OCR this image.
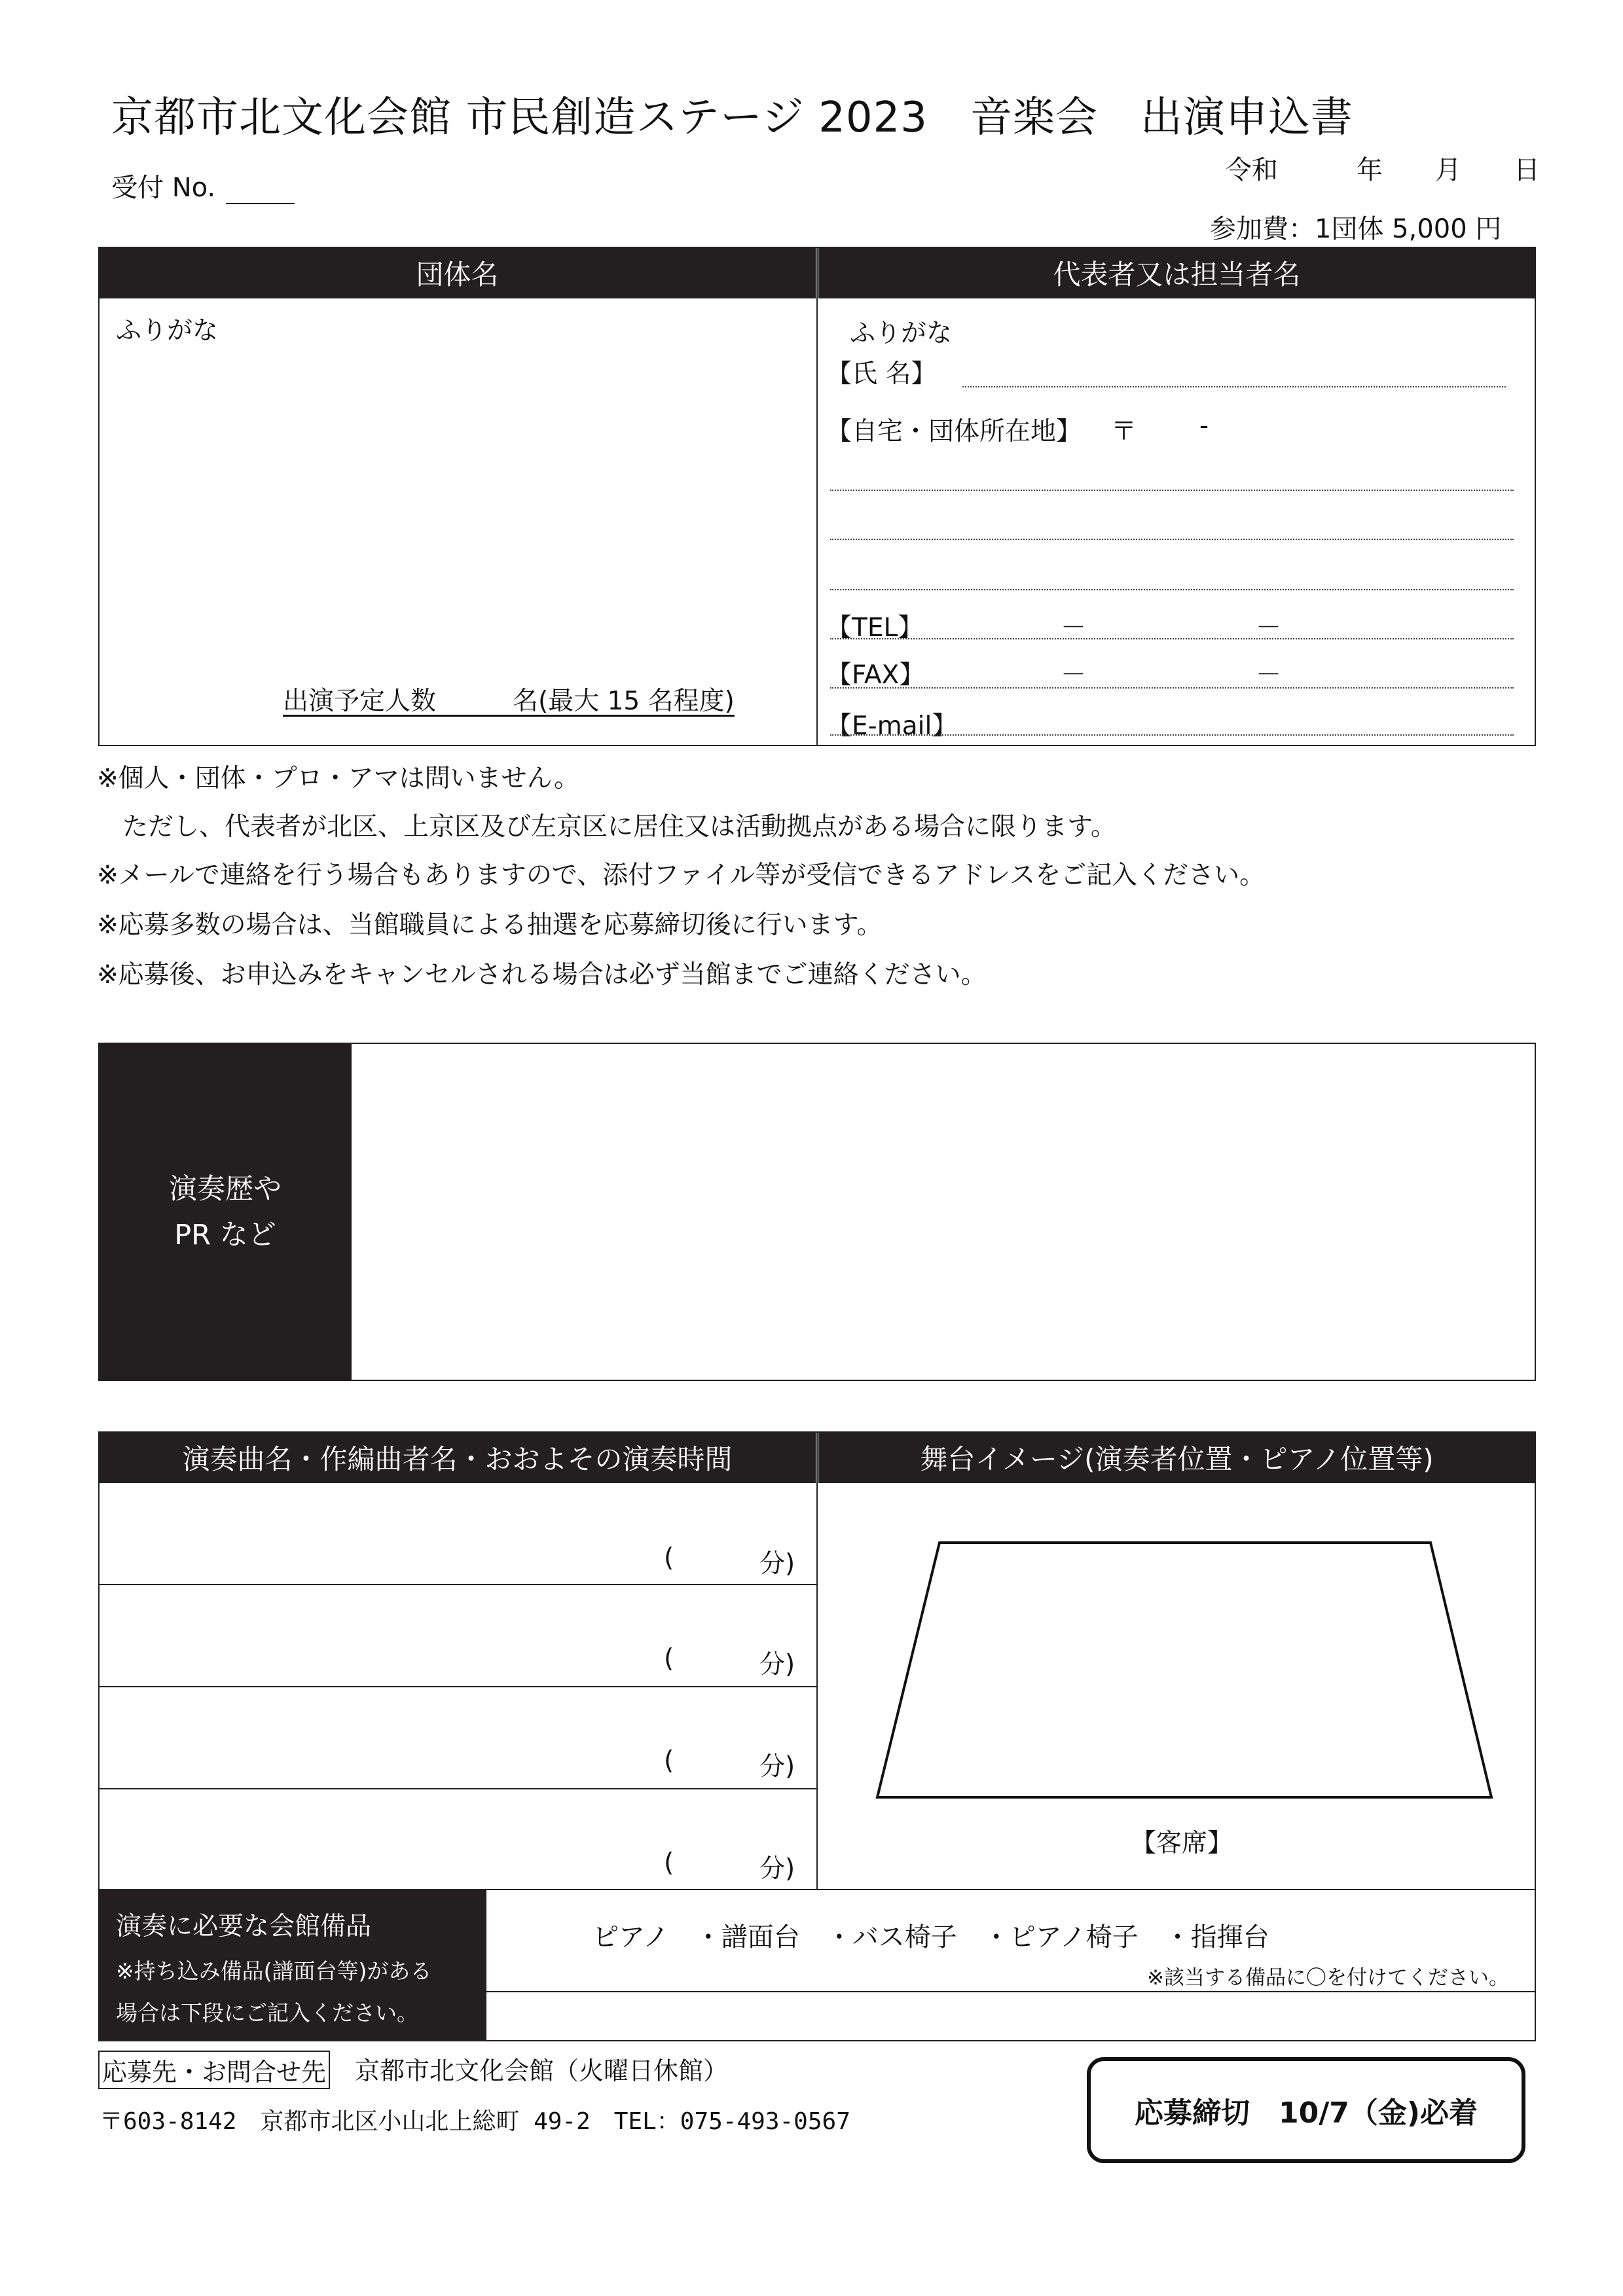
京都市北文化会館 市民創造ステージ 2023　音楽会　出演申込書
受付 No.
令和	年 月 日
参加費：1団体 5,000 円
団体名	代表者又は担当者名
ふりがな
出演予定人数　　　名(最大 15 名程度)
ふりがな
【氏 名】
【自宅・団体所在地】 〒 -
【TEL】	－	－
【FAX】	－	－
【E-mail】
※個人・団体・プロ・アマは問いません。
　ただし、代表者が北区、上京区及び左京区に居住又は活動拠点がある場合に限ります。
※メールで連絡を行う場合もありますので、添付ファイル等が受信できるアドレスをご記入ください。
※応募多数の場合は、当館職員による抽選を応募締切後に行います。
※応募後、お申込みをキャンセルされる場合は必ず当館までご連絡ください。
演奏歴や
PR など
演奏曲名・作編曲者名・おおよその演奏時間	舞台イメージ(演奏者位置・ピアノ位置等)
(	分)
(	分)
(	分)
(	分)
【客席】
演奏に必要な会館備品
※持ち込み備品(譜面台等)がある
場合は下段にご記入ください。
ピアノ　・譜面台　・バス椅子　・ピアノ椅子　・指揮台
※該当する備品に〇を付けてください。
応募先・お問合せ先 京都市北文化会館（火曜日休館）
〒603-8142　京都市北区小山北上総町 49-2　TEL：075-493-0567	応募締切　10/7（金)必着
